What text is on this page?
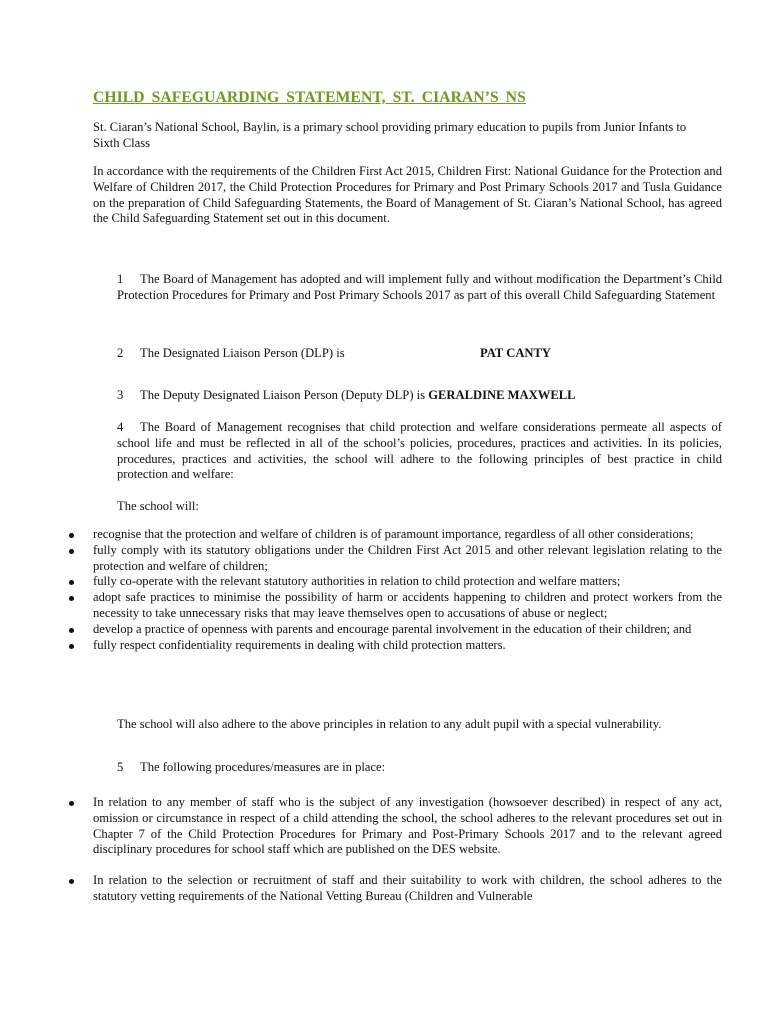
CHILD SAFEGUARDING STATEMENT, ST. CIARAN’S NS
St. Ciaran’s National School, Baylin, is a primary school providing primary education to pupils from Junior Infants to Sixth Class
In accordance with the requirements of the Children First Act 2015, Children First: National Guidance for the Protection and Welfare of Children 2017, the Child Protection Procedures for Primary and Post Primary Schools 2017 and Tusla Guidance on the preparation of Child Safeguarding Statements, the Board of Management of St. Ciaran’s National School, has agreed the Child Safeguarding Statement set out in this document.
1 The Board of Management has adopted and will implement fully and without modification the Department’s Child Protection Procedures for Primary and Post Primary Schools 2017 as part of this overall Child Safeguarding Statement
2 The Designated Liaison Person (DLP) is	PAT CANTY
3 The Deputy Designated Liaison Person (Deputy DLP) is GERALDINE MAXWELL
4 The Board of Management recognises that child protection and welfare considerations permeate all aspects of school life and must be reflected in all of the school’s policies, procedures, practices and activities. In its policies, procedures, practices and activities, the school will adhere to the following principles of best practice in child protection and welfare:
The school will:
recognise that the protection and welfare of children is of paramount importance, regardless of all other considerations;
fully comply with its statutory obligations under the Children First Act 2015 and other relevant legislation relating to the protection and welfare of children;
fully co-operate with the relevant statutory authorities in relation to child protection and welfare matters;
adopt safe practices to minimise the possibility of harm or accidents happening to children and protect workers from the necessity to take unnecessary risks that may leave themselves open to accusations of abuse or neglect;
develop a practice of openness with parents and encourage parental involvement in the education of their children; and
fully respect confidentiality requirements in dealing with child protection matters.
The school will also adhere to the above principles in relation to any adult pupil with a special vulnerability.
5 The following procedures/measures are in place:
In relation to any member of staff who is the subject of any investigation (howsoever described) in respect of any act, omission or circumstance in respect of a child attending the school, the school adheres to the relevant procedures set out in Chapter 7 of the Child Protection Procedures for Primary and Post-Primary Schools 2017 and to the relevant agreed disciplinary procedures for school staff which are published on the DES website.
In relation to the selection or recruitment of staff and their suitability to work with children, the school adheres to the statutory vetting requirements of the National Vetting Bureau (Children and Vulnerable
